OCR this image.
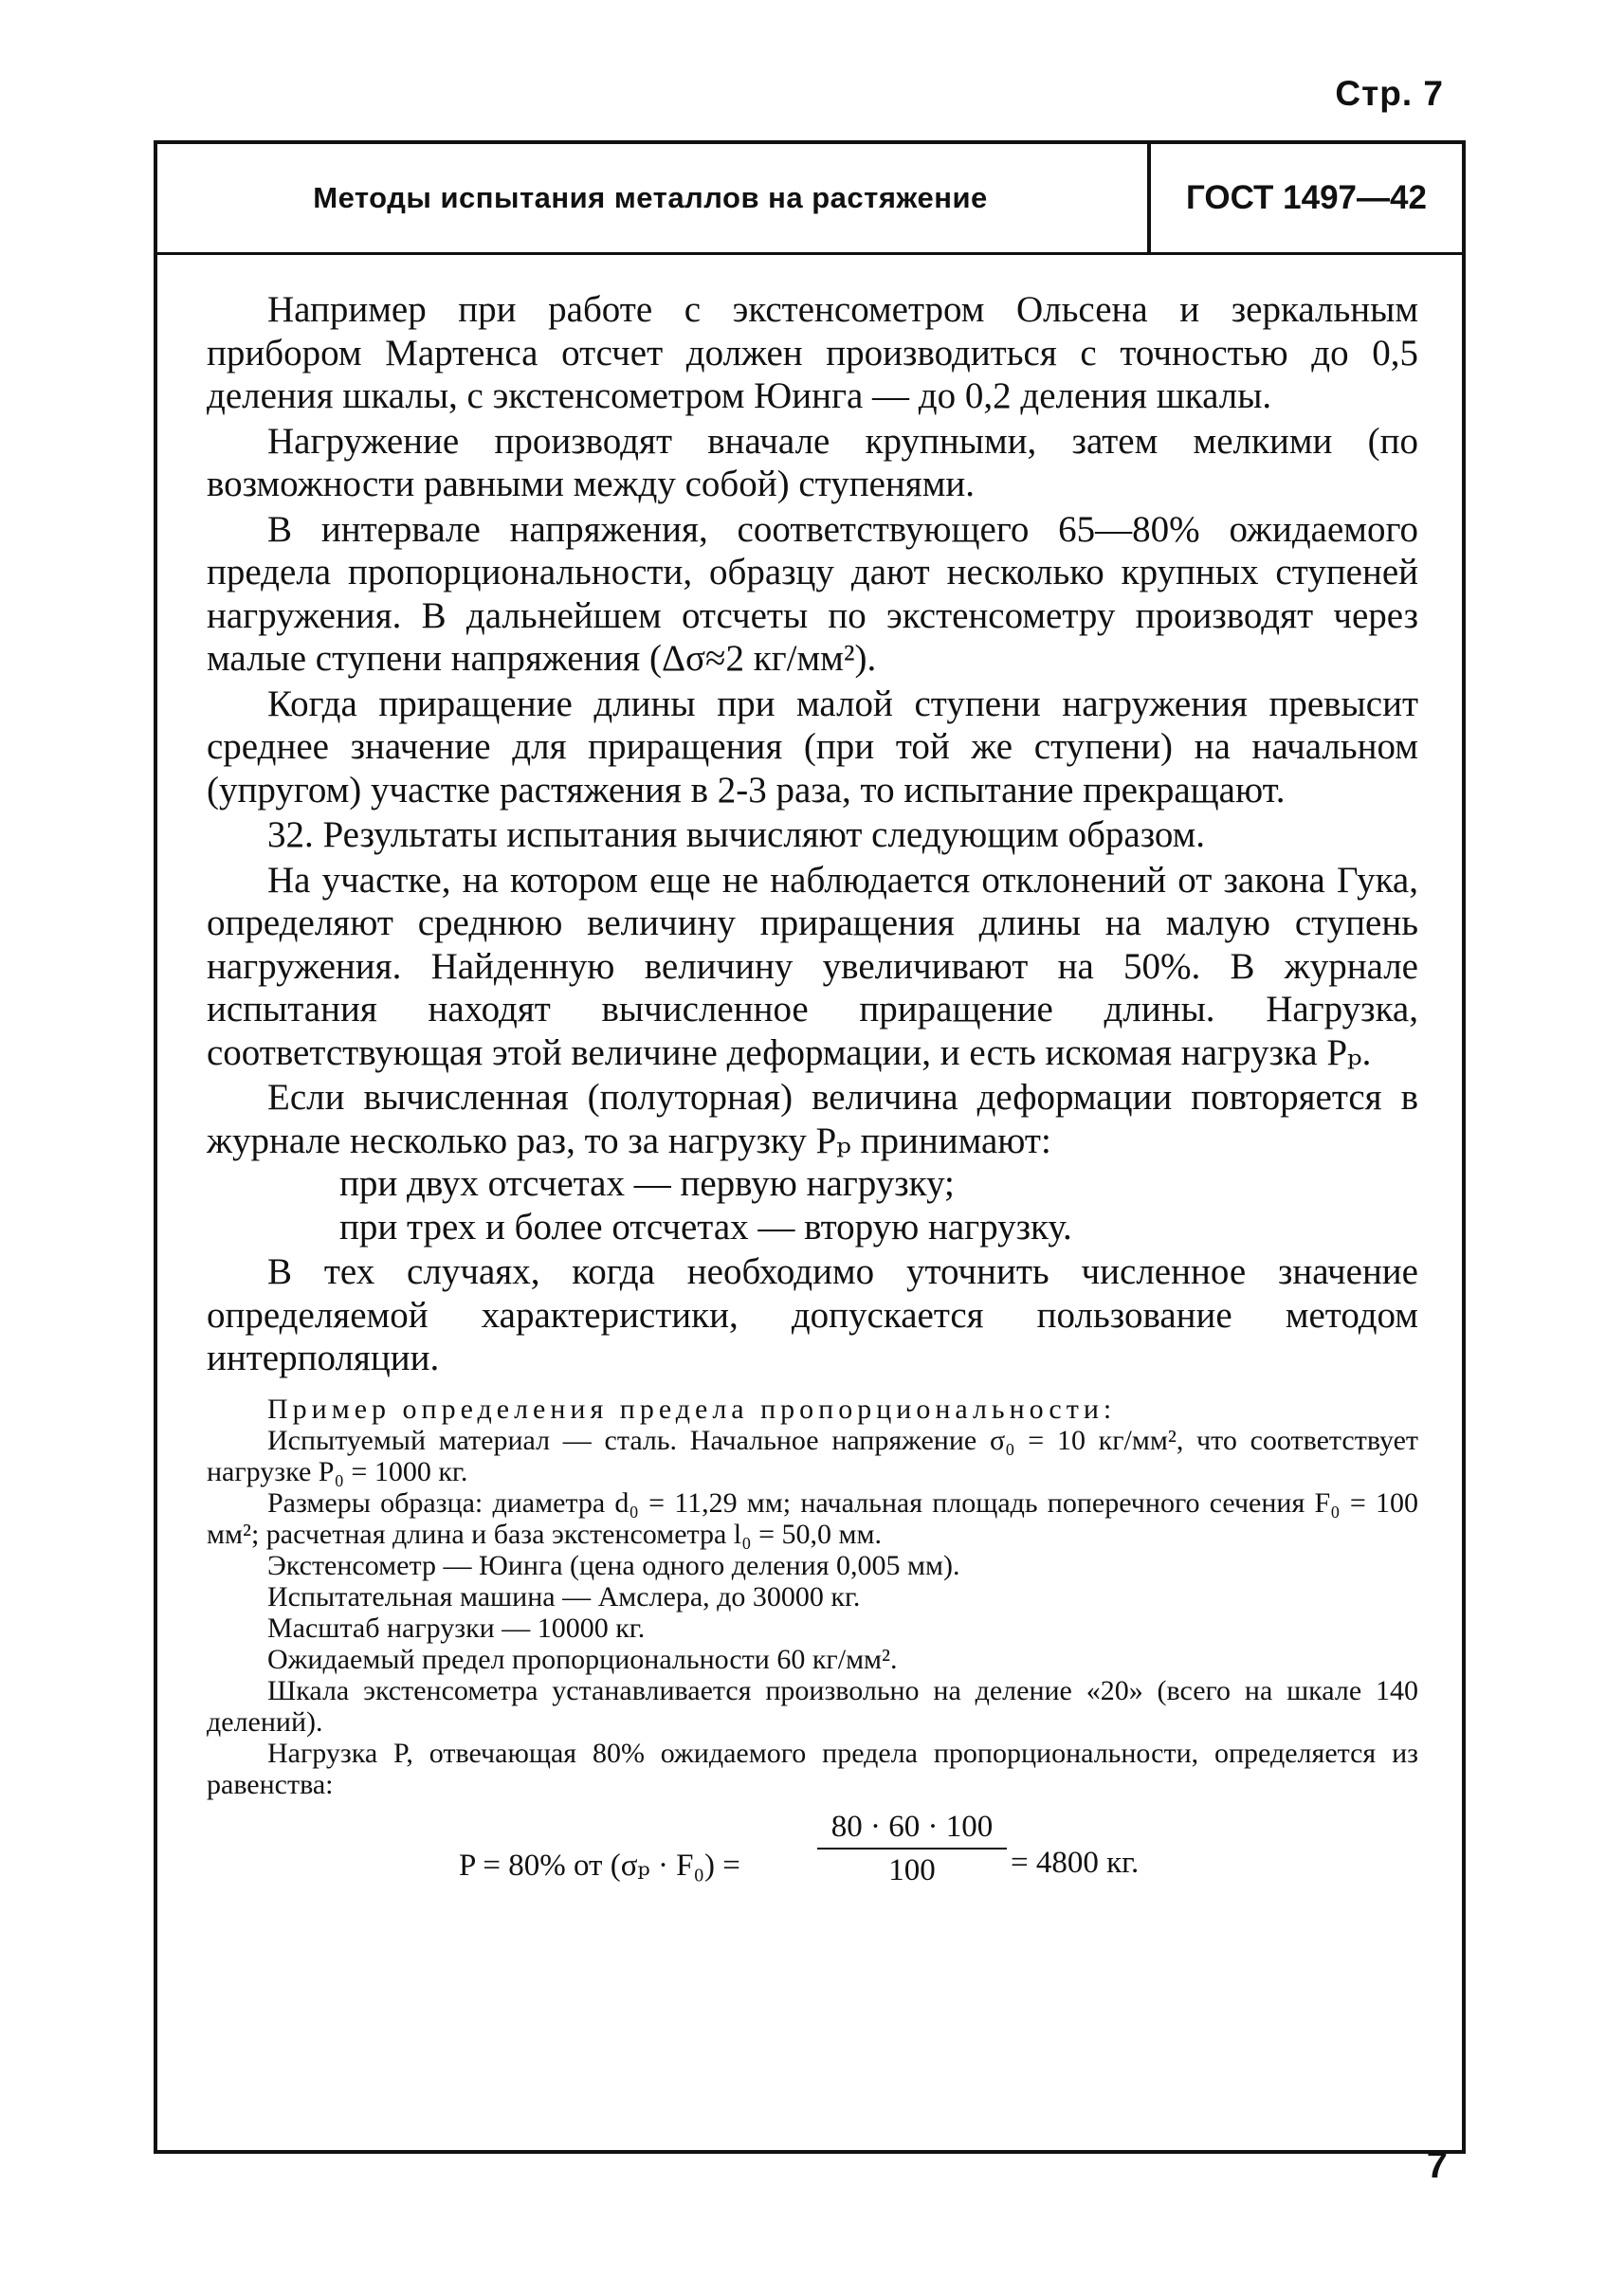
Стр. 7
Методы испытания металлов на растяжение	ГОСТ 1497—42

Например при работе с экстенсометром Ольсена и зеркальным прибором Мартенса отсчет должен производиться с точностью до 0,5 деления шкалы, с экстенсометром Юинга — до 0,2 деления шкалы.

Нагружение производят вначале крупными, затем мелкими (по возможности равными между собой) ступенями.

В интервале напряжения, соответствующего 65—80% ожидаемого предела пропорциональности, образцу дают несколько крупных ступеней нагружения. В дальнейшем отсчеты по экстенсометру производят через малые ступени напряжения (Δσ≈2 кг/мм²).

Когда приращение длины при малой ступени нагружения превысит среднее значение для приращения (при той же ступени) на начальном (упругом) участке растяжения в 2-3 раза, то испытание прекращают.

32. Результаты испытания вычисляют следующим образом.

На участке, на котором еще не наблюдается отклонений от закона Гука, определяют среднюю величину приращения длины на малую ступень нагружения. Найденную величину увеличивают на 50%. В журнале испытания находят вычисленное приращение длины. Нагрузка, соответствующая этой величине деформации, и есть искомая нагрузка Pₚ.

Если вычисленная (полуторная) величина деформации повторяется в журнале несколько раз, то за нагрузку Pₚ принимают:

при двух отсчетах — первую нагрузку;

при трех и более отсчетах — вторую нагрузку.

В тех случаях, когда необходимо уточнить численное значение определяемой характеристики, допускается пользование методом интерполяции.

Пример определения предела пропорциональности:

Испытуемый материал — сталь. Начальное напряжение σ₀ = 10 кг/мм², что соответствует нагрузке P₀ = 1000 кг.

Размеры образца: диаметра d₀ = 11,29 мм; начальная площадь поперечного сечения F₀ = 100 мм²; расчетная длина и база экстенсометра l₀ = 50,0 мм.

Экстенсометр — Юинга (цена одного деления 0,005 мм).

Испытательная машина — Амслера, до 30000 кг.

Масштаб нагрузки — 10000 кг.

Ожидаемый предел пропорциональности 60 кг/мм².

Шкала экстенсометра устанавливается произвольно на деление «20» (всего на шкале 140 делений).

Нагрузка P, отвечающая 80% ожидаемого предела пропорциональности, определяется из равенства:

P = 80% от (σₚ · F₀) =
80 · 60 · 100
100	= 4800 кг.
7
